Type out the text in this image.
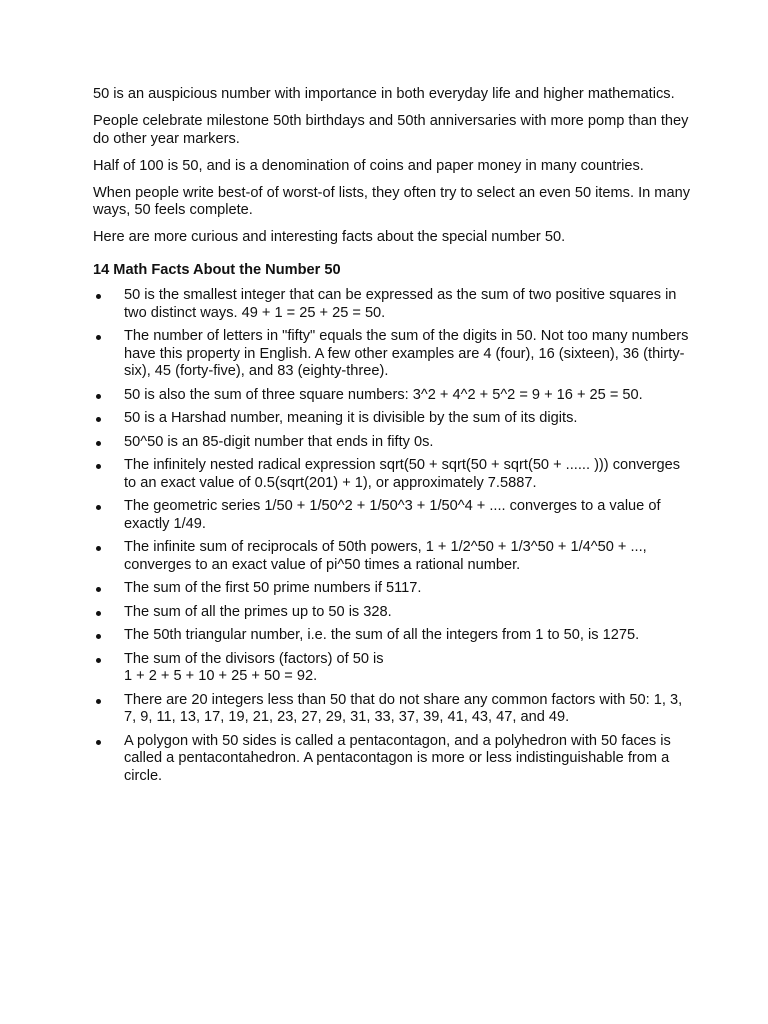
50 is an auspicious number with importance in both everyday life and higher mathematics.

People celebrate milestone 50th birthdays and 50th anniversaries with more pomp than they do other year markers.

Half of 100 is 50, and is a denomination of coins and paper money in many countries.

When people write best-of of worst-of lists, they often try to select an even 50 items. In many ways, 50 feels complete.

Here are more curious and interesting facts about the special number 50.

14 Math Facts About the Number 50
50 is the smallest integer that can be expressed as the sum of two positive squares in two distinct ways. 49 + 1 = 25 + 25 = 50.
The number of letters in "fifty" equals the sum of the digits in 50. Not too many numbers have this property in English. A few other examples are 4 (four), 16 (sixteen), 36 (thirty-six), 45 (forty-five), and 83 (eighty-three).
50 is also the sum of three square numbers: 3^2 + 4^2 + 5^2 = 9 + 16 + 25 = 50.
50 is a Harshad number, meaning it is divisible by the sum of its digits.
50^50 is an 85-digit number that ends in fifty 0s.
The infinitely nested radical expression sqrt(50 + sqrt(50 + sqrt(50 + ...... ))) converges to an exact value of 0.5(sqrt(201) + 1), or approximately 7.5887.
The geometric series 1/50 + 1/50^2 + 1/50^3 + 1/50^4 + .... converges to a value of exactly 1/49.
The infinite sum of reciprocals of 50th powers, 1 + 1/2^50 + 1/3^50 + 1/4^50 + ..., converges to an exact value of pi^50 times a rational number.
The sum of the first 50 prime numbers if 5117.
The sum of all the primes up to 50 is 328.
The 50th triangular number, i.e. the sum of all the integers from 1 to 50, is 1275.
The sum of the divisors (factors) of 50 is
1 + 2 + 5 + 10 + 25 + 50 = 92.
There are 20 integers less than 50 that do not share any common factors with 50: 1, 3, 7, 9, 11, 13, 17, 19, 21, 23, 27, 29, 31, 33, 37, 39, 41, 43, 47, and 49.
A polygon with 50 sides is called a pentacontagon, and a polyhedron with 50 faces is called a pentacontahedron. A pentacontagon is more or less indistinguishable from a circle.
